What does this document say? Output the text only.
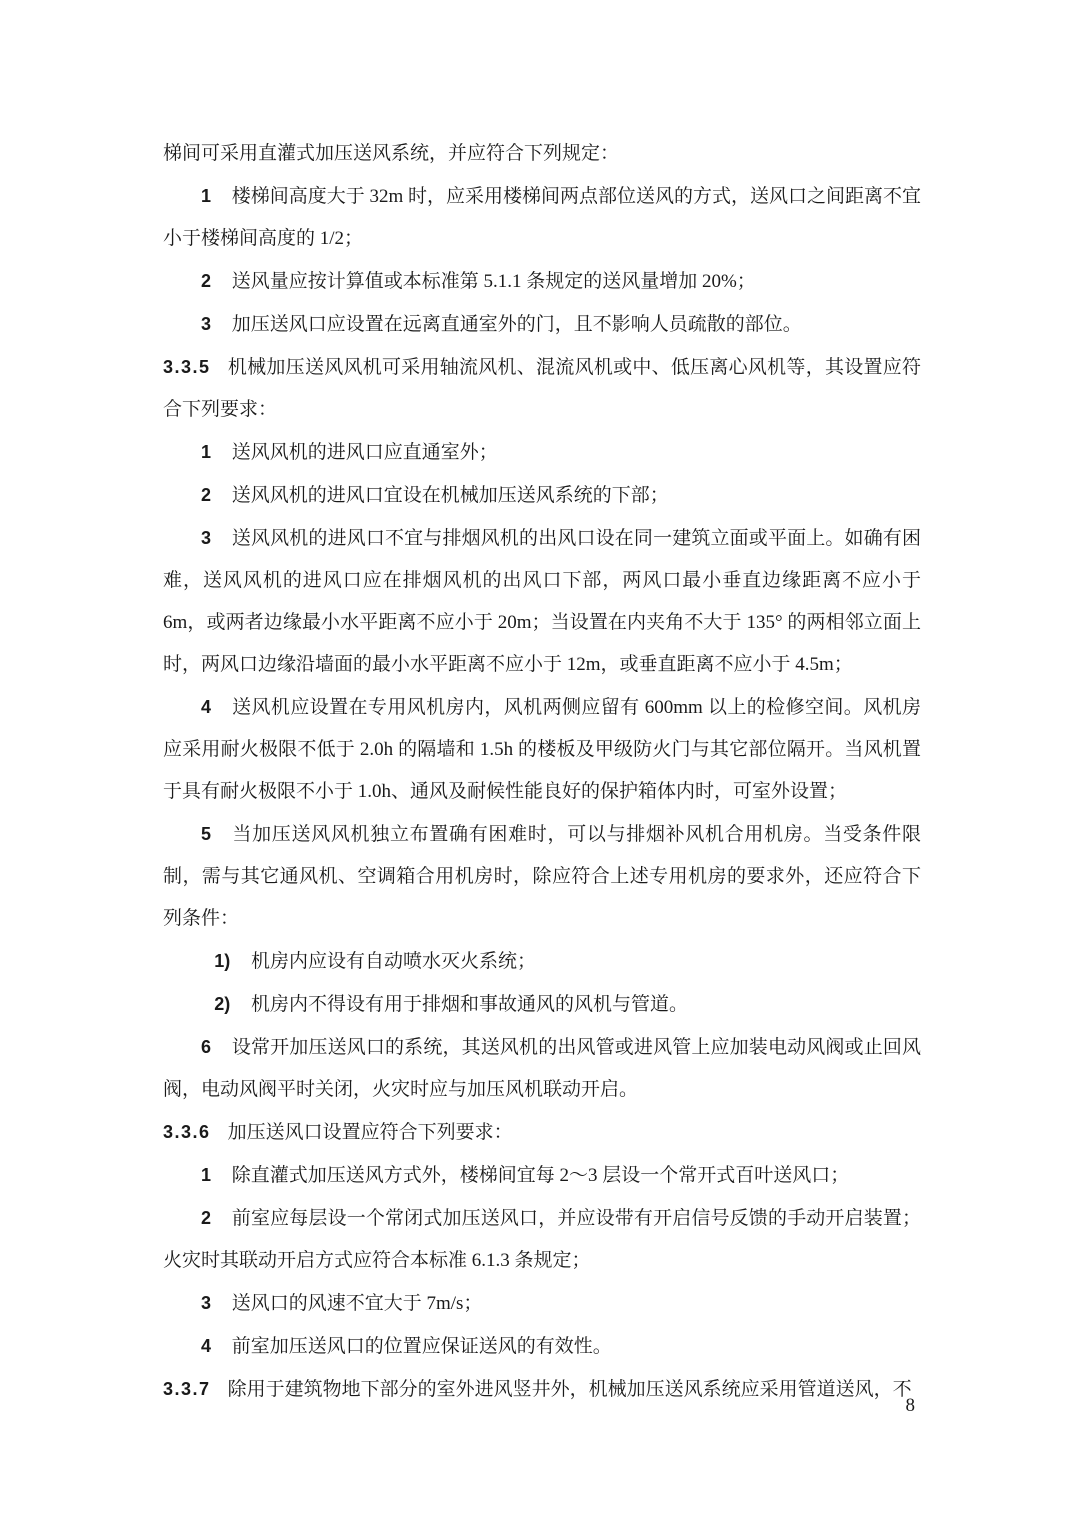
梯间可采用直灌式加压送风系统，并应符合下列规定：

1 楼梯间高度大于 32m 时，应采用楼梯间两点部位送风的方式，送风口之间距离不宜小于楼梯间高度的 1/2；

2 送风量应按计算值或本标准第 5.1.1 条规定的送风量增加 20%；

3 加压送风口应设置在远离直通室外的门，且不影响人员疏散的部位。

3.3.5 机械加压送风风机可采用轴流风机、混流风机或中、低压离心风机等，其设置应符合下列要求：

1 送风风机的进风口应直通室外；

2 送风风机的进风口宜设在机械加压送风系统的下部；

3 送风风机的进风口不宜与排烟风机的出风口设在同一建筑立面或平面上。如确有困难，送风风机的进风口应在排烟风机的出风口下部，两风口最小垂直边缘距离不应小于 6m，或两者边缘最小水平距离不应小于 20m；当设置在内夹角不大于 135° 的两相邻立面上时，两风口边缘沿墙面的最小水平距离不应小于 12m，或垂直距离不应小于 4.5m；

4 送风机应设置在专用风机房内，风机两侧应留有 600mm 以上的检修空间。风机房应采用耐火极限不低于 2.0h 的隔墙和 1.5h 的楼板及甲级防火门与其它部位隔开。当风机置于具有耐火极限不小于 1.0h、通风及耐候性能良好的保护箱体内时，可室外设置；

5 当加压送风风机独立布置确有困难时，可以与排烟补风机合用机房。当受条件限制，需与其它通风机、空调箱合用机房时，除应符合上述专用机房的要求外，还应符合下列条件：

1) 机房内应设有自动喷水灭火系统；

2) 机房内不得设有用于排烟和事故通风的风机与管道。

6 设常开加压送风口的系统，其送风机的出风管或进风管上应加装电动风阀或止回风阀，电动风阀平时关闭，火灾时应与加压风机联动开启。

3.3.6 加压送风口设置应符合下列要求：

1 除直灌式加压送风方式外，楼梯间宜每 2～3 层设一个常开式百叶送风口；

2 前室应每层设一个常闭式加压送风口，并应设带有开启信号反馈的手动开启装置；火灾时其联动开启方式应符合本标准 6.1.3 条规定；

3 送风口的风速不宜大于 7m/s；

4 前室加压送风口的位置应保证送风的有效性。

3.3.7 除用于建筑物地下部分的室外进风竖井外，机械加压送风系统应采用管道送风，不

8
